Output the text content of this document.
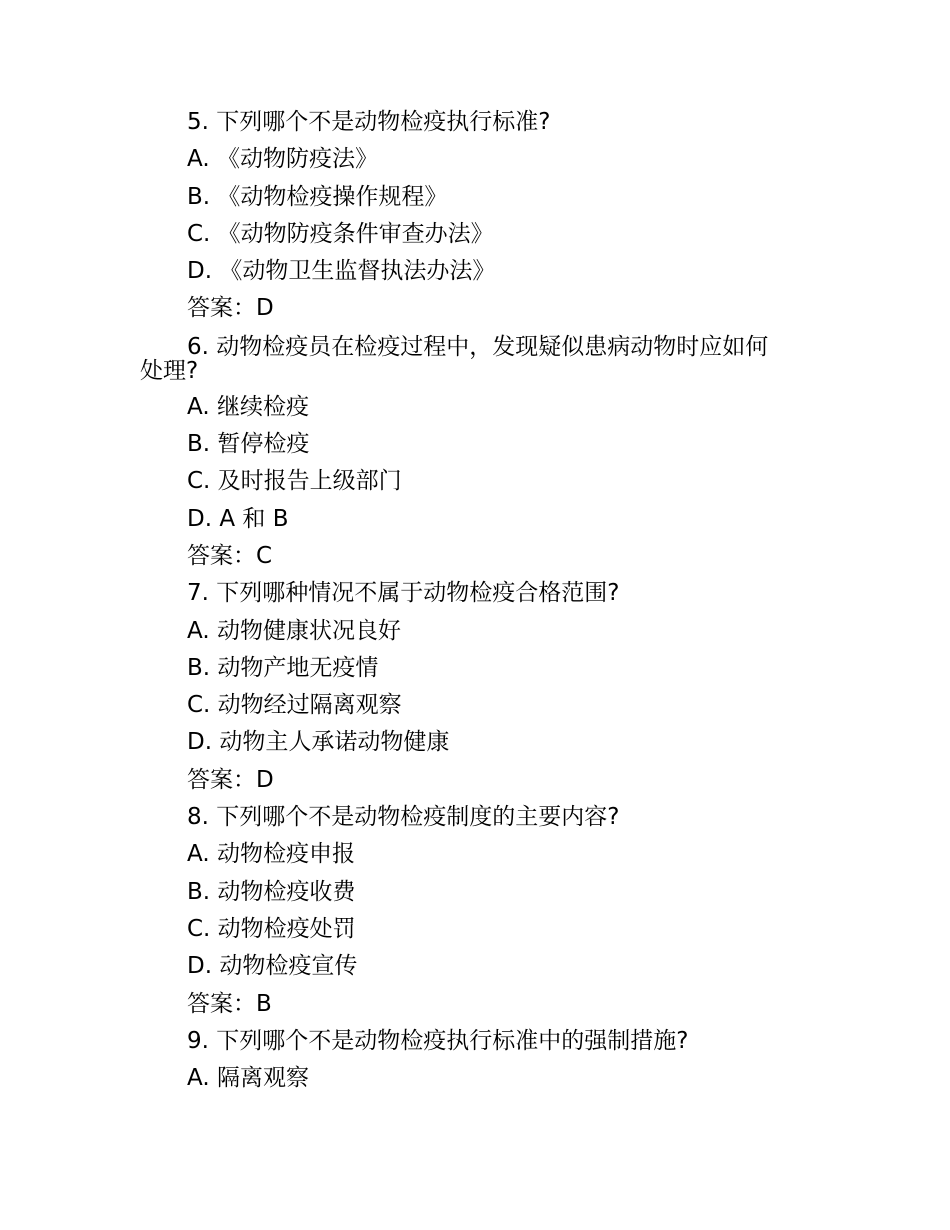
5. 下列哪个不是动物检疫执行标准?
A. 《动物防疫法》
B. 《动物检疫操作规程》
C. 《动物防疫条件审查办法》
D. 《动物卫生监督执法办法》
答案：D
6. 动物检疫员在检疫过程中，发现疑似患病动物时应如何
处理?
A. 继续检疫
B. 暂停检疫
C. 及时报告上级部门
D. A 和 B
答案：C
7. 下列哪种情况不属于动物检疫合格范围?
A. 动物健康状况良好
B. 动物产地无疫情
C. 动物经过隔离观察
D. 动物主人承诺动物健康
答案：D
8. 下列哪个不是动物检疫制度的主要内容?
A. 动物检疫申报
B. 动物检疫收费
C. 动物检疫处罚
D. 动物检疫宣传
答案：B
9. 下列哪个不是动物检疫执行标准中的强制措施?
A. 隔离观察
